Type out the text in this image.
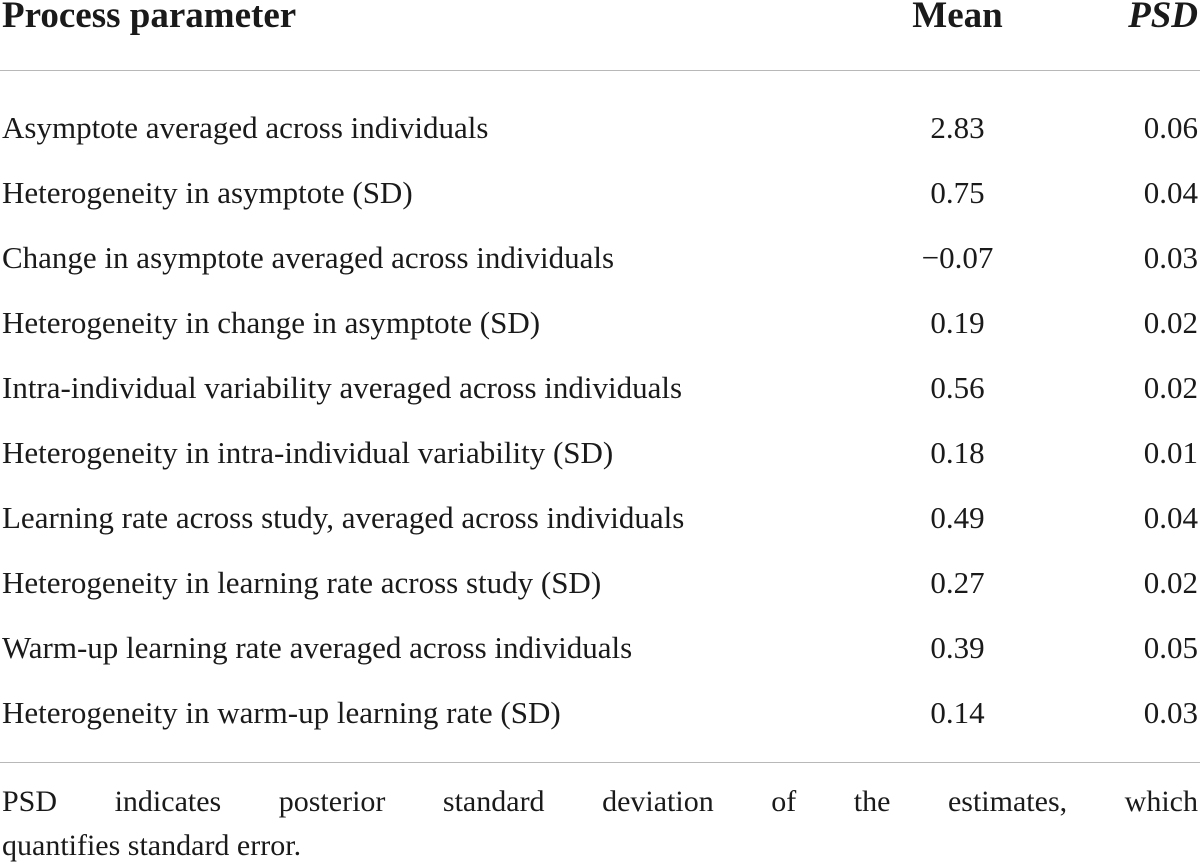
Process parameter	Mean	PSD
Asymptote averaged across individuals	2.83	0.06
Heterogeneity in asymptote (SD)	0.75	0.04
Change in asymptote averaged across individuals	−0.07	0.03
Heterogeneity in change in asymptote (SD)	0.19	0.02
Intra-individual variability averaged across individuals	0.56	0.02
Heterogeneity in intra-individual variability (SD)	0.18	0.01
Learning rate across study, averaged across individuals	0.49	0.04
Heterogeneity in learning rate across study (SD)	0.27	0.02
Warm-up learning rate averaged across individuals	0.39	0.05
Heterogeneity in warm-up learning rate (SD)	0.14	0.03
PSD indicates posterior standard deviation of the estimates, which
quantifies standard error.
